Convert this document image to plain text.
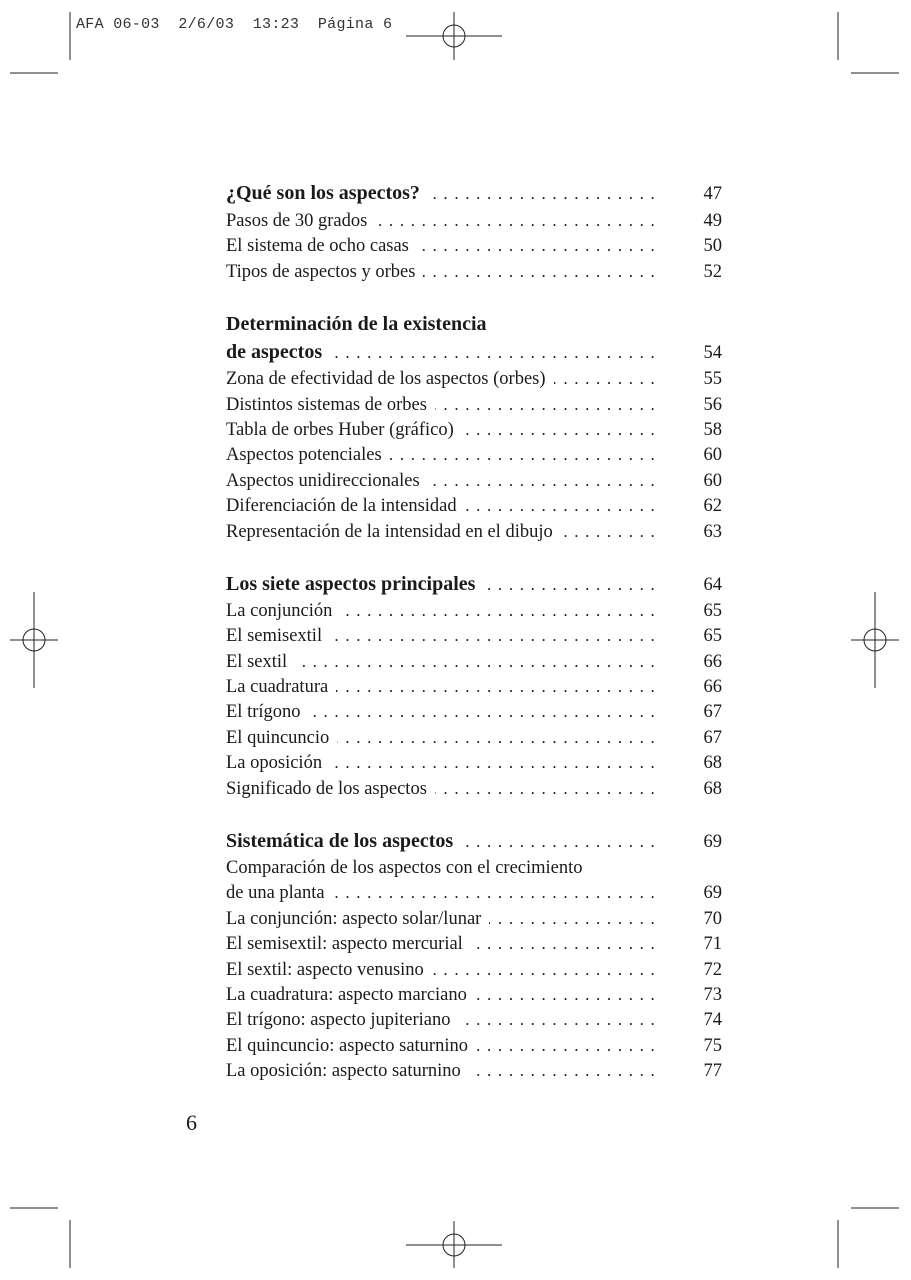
AFA 06-03  2/6/03  13:23  Página 6
¿Qué son los aspectos? . . .	47
Pasos de 30 grados . . .	49
El sistema de ocho casas . . .	50
Tipos de aspectos y orbes . . .	52
Determinación de la existencia
de aspectos . . .	54
Zona de efectividad de los aspectos (orbes) . . .	55
Distintos sistemas de orbes . . .	56
Tabla de orbes Huber (gráfico) . . .	58
Aspectos potenciales . . .	60
Aspectos unidireccionales . . .	60
Diferenciación de la intensidad . . .	62
Representación de la intensidad en el dibujo . . .	63
Los siete aspectos principales . . .	64
La conjunción . . .	65
El semisextil . . .	65
El sextil . . .	66
La cuadratura . . .	66
El trígono . . .	67
El quincuncio . . .	67
La oposición . . .	68
Significado de los aspectos . . .	68
Sistemática de los aspectos . . .	69
Comparación de los aspectos con el crecimiento
de una planta . . .	69
La conjunción: aspecto solar/lunar . . .	70
El semisextil: aspecto mercurial . . .	71
El sextil: aspecto venusino . . .	72
La cuadratura: aspecto marciano . . .	73
El trígono: aspecto jupiteriano . . .	74
El quincuncio: aspecto saturnino . . .	75
La oposición: aspecto saturnino . . .	77
6
